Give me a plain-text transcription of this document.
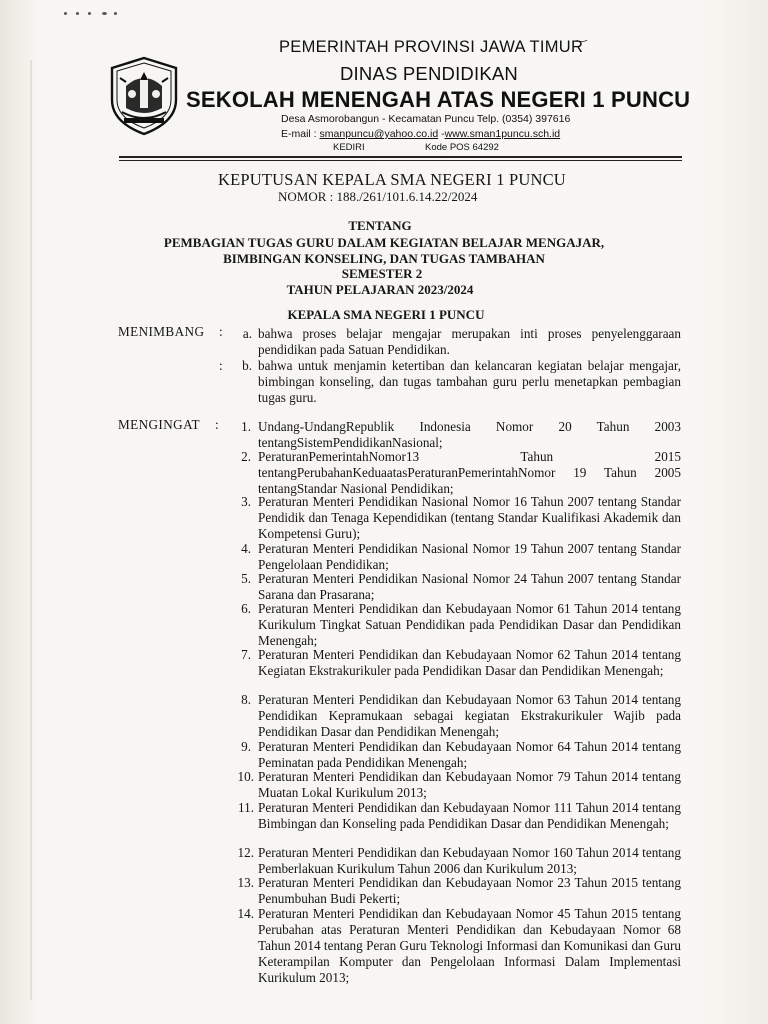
‿
PEMERINTAH PROVINSI JAWA TIMUR
DINAS PENDIDIKAN
SEKOLAH MENENGAH ATAS NEGERI 1 PUNCU
Desa Asmorobangun - Kecamatan Puncu Telp. (0354) 397616
E-mail : smanpuncu@yahoo.co.id -www.sman1puncu.sch.id
KEDIRI	Kode POS 64292
KEPUTUSAN KEPALA SMA NEGERI 1 PUNCU
NOMOR : 188./261/101.6.14.22/2024
TENTANG
PEMBAGIAN TUGAS GURU DALAM KEGIATAN BELAJAR MENGAJAR,
BIMBINGAN KONSELING, DAN TUGAS TAMBAHAN
SEMESTER 2
TAHUN PELAJARAN 2023/2024
KEPALA SMA NEGERI 1 PUNCU
MENIMBANG :	a. bahwa proses belajar mengajar merupakan inti proses penyelenggaraan pendidikan pada Satuan Pendidikan.
:	b. bahwa untuk menjamin ketertiban dan kelancaran kegiatan belajar mengajar, bimbingan konseling, dan tugas tambahan guru perlu menetapkan pembagian tugas guru.
MENGINGAT :	1. Undang-UndangRepublik Indonesia Nomor 20 Tahun 2003 tentangSistemPendidikanNasional;
2. PeraturanPemerintahNomor13 Tahun 2015 tentangPerubahanKeduaatasPeraturanPemerintahNomor 19 Tahun 2005 tentangStandar Nasional Pendidikan;
3. Peraturan Menteri Pendidikan Nasional Nomor 16 Tahun 2007 tentang Standar Pendidik dan Tenaga Kependidikan (tentang Standar Kualifikasi Akademik dan Kompetensi Guru);
4. Peraturan Menteri Pendidikan Nasional Nomor 19 Tahun 2007 tentang Standar Pengelolaan Pendidikan;
5. Peraturan Menteri Pendidikan Nasional Nomor 24 Tahun 2007 tentang Standar Sarana dan Prasarana;
6. Peraturan Menteri Pendidikan dan Kebudayaan Nomor 61 Tahun 2014 tentang Kurikulum Tingkat Satuan Pendidikan pada Pendidikan Dasar dan Pendidikan Menengah;
7. Peraturan Menteri Pendidikan dan Kebudayaan Nomor 62 Tahun 2014 tentang Kegiatan Ekstrakurikuler pada Pendidikan Dasar dan Pendidikan Menengah;
8. Peraturan Menteri Pendidikan dan Kebudayaan Nomor 63 Tahun 2014 tentang Pendidikan Kepramukaan sebagai kegiatan Ekstrakurikuler Wajib pada Pendidikan Dasar dan Pendidikan Menengah;
9. Peraturan Menteri Pendidikan dan Kebudayaan Nomor 64 Tahun 2014 tentang Peminatan pada Pendidikan Menengah;
10. Peraturan Menteri Pendidikan dan Kebudayaan Nomor 79 Tahun 2014 tentang Muatan Lokal Kurikulum 2013;
11. Peraturan Menteri Pendidikan dan Kebudayaan Nomor 111 Tahun 2014 tentang Bimbingan dan Konseling pada Pendidikan Dasar dan Pendidikan Menengah;
12. Peraturan Menteri Pendidikan dan Kebudayaan Nomor 160 Tahun 2014 tentang Pemberlakuan Kurikulum Tahun 2006 dan Kurikulum 2013;
13. Peraturan Menteri Pendidikan dan Kebudayaan Nomor 23 Tahun 2015 tentang Penumbuhan Budi Pekerti;
14. Peraturan Menteri Pendidikan dan Kebudayaan Nomor 45 Tahun 2015 tentang Perubahan atas Peraturan Menteri Pendidikan dan Kebudayaan Nomor 68 Tahun 2014 tentang Peran Guru Teknologi Informasi dan Komunikasi dan Guru Keterampilan Komputer dan Pengelolaan Informasi Dalam Implementasi Kurikulum 2013;
